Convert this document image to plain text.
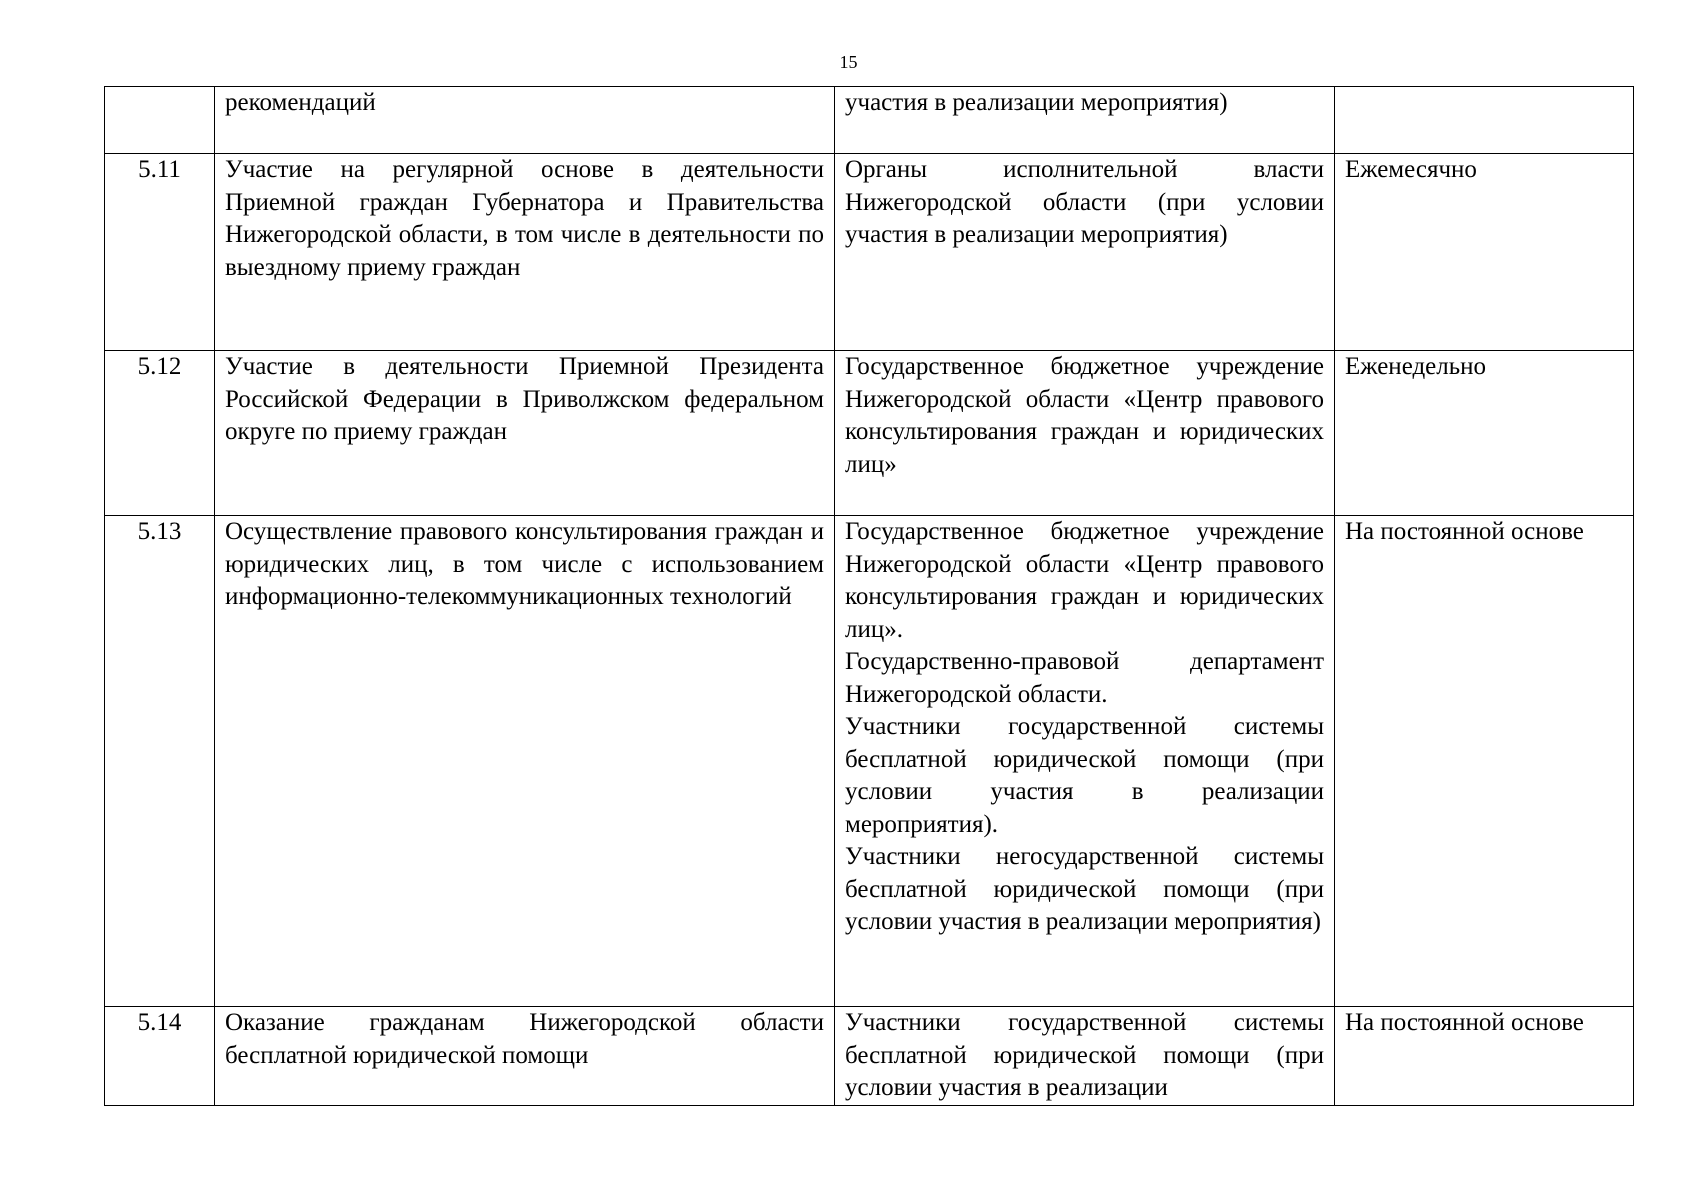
15
	рекомендаций	участия в реализации мероприятия)	

5.11	Участие на регулярной основе в деятельности Приемной граждан Губернатора и Правительства Нижегородской области, в том числе в деятельности по выездному приему граждан	Органы исполнительной власти Нижегородской области (при условии участия в реализации мероприятия)	Ежемесячно
5.12	Участие в деятельности Приемной Президента Российской Федерации в Приволжском федеральном округе по приему граждан	Государственное бюджетное учреждение Нижегородской области «Центр правового консультирования граждан и юридических лиц»	Еженедельно
5.13	Осуществление правового консультирования граждан и юридических лиц, в том числе с использованием информационно-телекоммуникационных технологий	Государственное бюджетное учреждение Нижегородской области «Центр правового консультирования граждан и юридических лиц».
Государственно-правовой департамент Нижегородской области.
Участники государственной системы бесплатной юридической помощи (при условии участия в реализации мероприятия).
Участники негосударственной системы бесплатной юридической помощи (при условии участия в реализации мероприятия)	На постоянной основе
5.14	Оказание гражданам Нижегородской области бесплатной юридической помощи	Участники государственной системы бесплатной юридической помощи (при условии участия в реализации	На постоянной основе
